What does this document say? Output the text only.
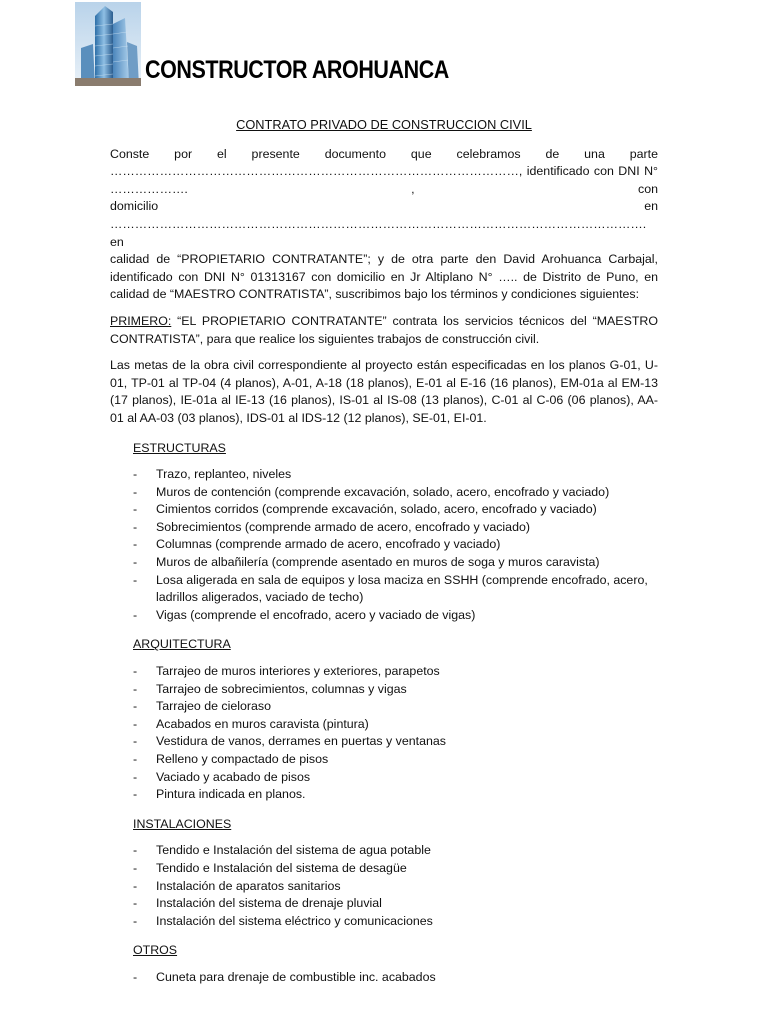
CONSTRUCTOR AROHUANCA
CONTRATO PRIVADO DE CONSTRUCCION CIVIL

Conste por el presente documento que celebramos de una parte

………………………………………………………………………………………, identificado con DNI N° ………………. , con

domicilio en …………………………………………………………………………………………………………………. en

calidad de “PROPIETARIO CONTRATANTE”; y de otra parte den David Arohuanca Carbajal, identificado con DNI N° 01313167 con domicilio en Jr Altiplano N° ….. de Distrito de Puno, en calidad de “MAESTRO CONTRATISTA”, suscribimos bajo los términos y condiciones siguientes:

PRIMERO: “EL PROPIETARIO CONTRATANTE” contrata los servicios técnicos del “MAESTRO CONTRATISTA”, para que realice los siguientes trabajos de construcción civil.

Las metas de la obra civil correspondiente al proyecto están especificadas en los planos G-01, U-01, TP-01 al TP-04 (4 planos), A-01, A-18 (18 planos), E-01 al E-16 (16 planos), EM-01a al EM-13 (17 planos), IE-01a al IE-13 (16 planos), IS-01 al IS-08 (13 planos), C-01 al C-06 (06 planos), AA-01 al AA-03 (03 planos), IDS-01 al IDS-12 (12 planos), SE-01, EI-01.

ESTRUCTURAS
- Trazo, replanteo, niveles
- Muros de contención (comprende excavación, solado, acero, encofrado y vaciado)
- Cimientos corridos (comprende excavación, solado, acero, encofrado y vaciado)
- Sobrecimientos (comprende armado de acero, encofrado y vaciado)
- Columnas (comprende armado de acero, encofrado y vaciado)
- Muros de albañilería (comprende asentado en muros de soga y muros caravista)
- Losa aligerada en sala de equipos y losa maciza en SSHH (comprende encofrado, acero, ladrillos aligerados, vaciado de techo)
- Vigas (comprende el encofrado, acero y vaciado de vigas)
ARQUITECTURA
- Tarrajeo de muros interiores y exteriores, parapetos
- Tarrajeo de sobrecimientos, columnas y vigas
- Tarrajeo de cieloraso
- Acabados en muros caravista (pintura)
- Vestidura de vanos, derrames en puertas y ventanas
- Relleno y compactado de pisos
- Vaciado y acabado de pisos
- Pintura indicada en planos.
INSTALACIONES
- Tendido e Instalación del sistema de agua potable
- Tendido e Instalación del sistema de desagüe
- Instalación de aparatos sanitarios
- Instalación del sistema de drenaje pluvial
- Instalación del sistema eléctrico y comunicaciones
OTROS
- Cuneta para drenaje de combustible inc. acabados
